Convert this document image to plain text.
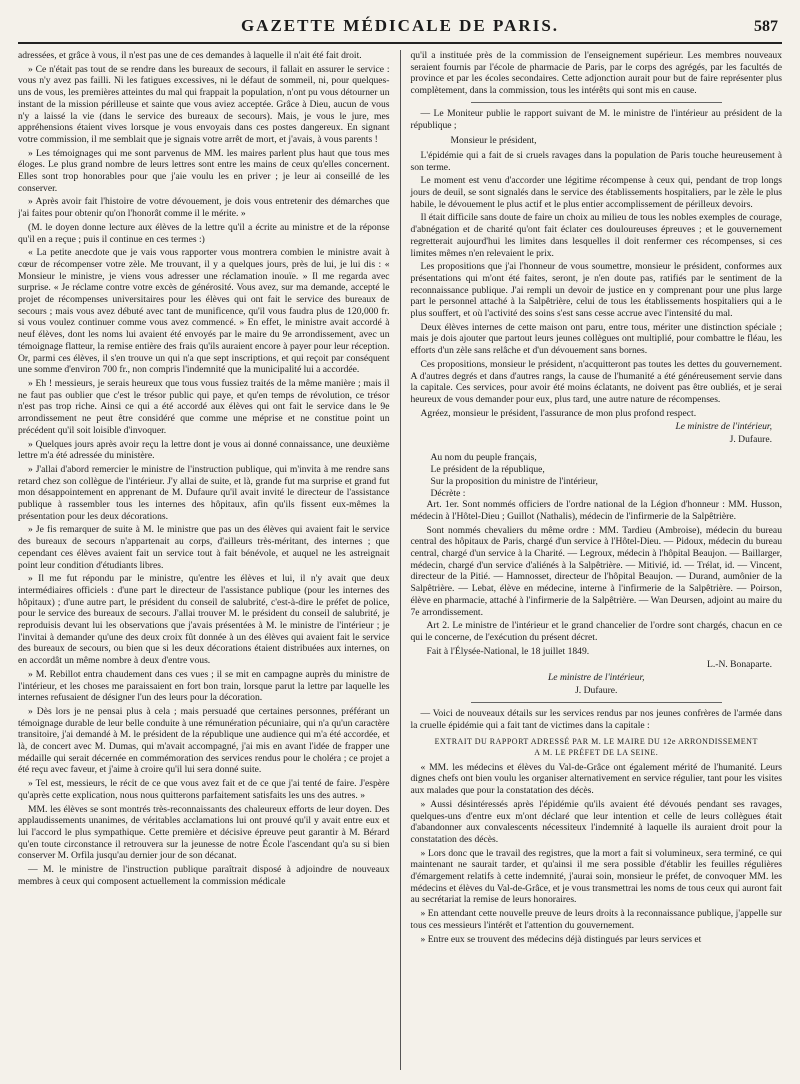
GAZETTE MÉDICALE DE PARIS.	587

adressées, et grâce à vous, il n'est pas une de ces demandes à laquelle il n'ait été fait droit.

» Ce n'était pas tout de se rendre dans les bureaux de secours, il fallait en assurer le service : vous n'y avez pas failli. Ni les fatigues excessives, ni le défaut de sommeil, ni, pour quelques-uns de vous, les premières atteintes du mal qui frappait la population, n'ont pu vous détourner un instant de la mission périlleuse et sainte que vous aviez acceptée. Grâce à Dieu, aucun de vous n'y a laissé la vie (dans le service des bureaux de secours). Mais, je vous le jure, mes appréhensions étaient vives lorsque je vous envoyais dans ces postes dangereux. En signant votre commission, il me semblait que je signais votre arrêt de mort, et j'avais, à vous parents !

» Les témoignages qui me sont parvenus de MM. les maires parlent plus haut que tous mes éloges. Le plus grand nombre de leurs lettres sont entre les mains de ceux qu'elles concernent. Elles sont trop honorables pour que j'aie voulu les en priver ; je leur ai conseillé de les conserver.

» Après avoir fait l'histoire de votre dévouement, je dois vous entretenir des démarches que j'ai faites pour obtenir qu'on l'honorât comme il le mérite. »

(M. le doyen donne lecture aux élèves de la lettre qu'il a écrite au ministre et de la réponse qu'il en a reçue ; puis il continue en ces termes :)

« La petite anecdote que je vais vous rapporter vous montrera combien le ministre avait à cœur de récompenser votre zèle. Me trouvant, il y a quelques jours, près de lui, je lui dis : « Monsieur le ministre, je viens vous adresser une réclamation inouïe. » Il me regarda avec surprise. « Je réclame contre votre excès de générosité. Vous avez, sur ma demande, accepté le projet de récompenses universitaires pour les élèves qui ont fait le service des bureaux de secours ; mais vous avez débuté avec tant de munificence, qu'il vous faudra plus de 120,000 fr. si vous voulez continuer comme vous avez commencé. » En effet, le ministre avait accordé à neuf élèves, dont les noms lui avaient été envoyés par le maire du 9e arrondissement, avec un témoignage flatteur, la remise entière des frais qu'ils auraient encore à payer pour leur réception. Or, parmi ces élèves, il s'en trouve un qui n'a que sept inscriptions, et qui reçoit par conséquent une somme d'environ 700 fr., non compris l'indemnité que la municipalité lui a accordée.

» Eh ! messieurs, je serais heureux que tous vous fussiez traités de la même manière ; mais il ne faut pas oublier que c'est le trésor public qui paye, et qu'en temps de révolution, ce trésor n'est pas trop riche. Ainsi ce qui a été accordé aux élèves qui ont fait le service dans le 9e arrondissement ne peut être considéré que comme une méprise et ne constitue point un précédent qu'il soit loisible d'invoquer.

» Quelques jours après avoir reçu la lettre dont je vous ai donné connaissance, une deuxième lettre m'a été adressée du ministère.

» J'allai d'abord remercier le ministre de l'instruction publique, qui m'invita à me rendre sans retard chez son collègue de l'intérieur. J'y allai de suite, et là, grande fut ma surprise et grand fut mon désappointement en apprenant de M. Dufaure qu'il avait invité le directeur de l'assistance publique à rassembler tous les internes des hôpitaux, afin qu'ils fissent eux-mêmes la présentation pour les deux décorations.

» Je fis remarquer de suite à M. le ministre que pas un des élèves qui avaient fait le service des bureaux de secours n'appartenait au corps, d'ailleurs très-méritant, des internes ; que cependant ces élèves avaient fait un service tout à fait bénévole, et auquel ne les astreignait point leur condition d'étudiants libres.

» Il me fut répondu par le ministre, qu'entre les élèves et lui, il n'y avait que deux intermédiaires officiels : d'une part le directeur de l'assistance publique (pour les internes des hôpitaux) ; d'une autre part, le président du conseil de salubrité, c'est-à-dire le préfet de police, pour le service des bureaux de secours. J'allai trouver M. le président du conseil de salubrité, je reproduisis devant lui les observations que j'avais présentées à M. le ministre de l'intérieur ; je l'invitai à demander qu'une des deux croix fût donnée à un des élèves qui avaient fait le service des bureaux de secours, ou bien que si les deux décorations étaient distribuées aux internes, on en accordât un même nombre à deux d'entre vous.

» M. Rebillot entra chaudement dans ces vues ; il se mit en campagne auprès du ministre de l'intérieur, et les choses me paraissaient en fort bon train, lorsque parut la lettre par laquelle les internes refusaient de désigner l'un des leurs pour la décoration.

» Dès lors je ne pensai plus à cela ; mais persuadé que certaines personnes, préférant un témoignage durable de leur belle conduite à une rémunération pécuniaire, qui n'a qu'un caractère transitoire, j'ai demandé à M. le président de la république une audience qui m'a été accordée, et là, de concert avec M. Dumas, qui m'avait accompagné, j'ai mis en avant l'idée de frapper une médaille qui serait décernée en commémoration des services rendus pour le choléra ; ce projet a été reçu avec faveur, et j'aime à croire qu'il lui sera donné suite.

» Tel est, messieurs, le récit de ce que vous avez fait et de ce que j'ai tenté de faire. J'espère qu'après cette explication, nous nous quitterons parfaitement satisfaits les uns des autres. »

MM. les élèves se sont montrés très-reconnaissants des chaleureux efforts de leur doyen. Des applaudissements unanimes, de véritables acclamations lui ont prouvé qu'il y avait entre eux et lui l'accord le plus sympathique. Cette première et décisive épreuve peut garantir à M. Bérard qu'en toute circonstance il retrouvera sur la jeunesse de notre École l'ascendant qu'a su si bien conserver M. Orfila jusqu'au dernier jour de son décanat.

— M. le ministre de l'instruction publique paraîtrait disposé à adjoindre de nouveaux membres à ceux qui composent actuellement la commission médicale

qu'il a instituée près de la commission de l'enseignement supérieur. Les membres nouveaux seraient fournis par l'école de pharmacie de Paris, par le corps des agrégés, par les facultés de province et par les écoles secondaires. Cette adjonction aurait pour but de faire représenter plus complètement, dans la commission, tous les intérêts qui sont mis en cause.

— Le Moniteur publie le rapport suivant de M. le ministre de l'intérieur au président de la république ;

Monsieur le président,

L'épidémie qui a fait de si cruels ravages dans la population de Paris touche heureusement à son terme.

Le moment est venu d'accorder une légitime récompense à ceux qui, pendant de trop longs jours de deuil, se sont signalés dans le service des établissements hospitaliers, par le zèle le plus habile, le dévouement le plus actif et le plus entier accomplissement de périlleux devoirs.

Il était difficile sans doute de faire un choix au milieu de tous les nobles exemples de courage, d'abnégation et de charité qu'ont fait éclater ces douloureuses épreuves ; et le gouvernement regretterait aujourd'hui les limites dans lesquelles il doit renfermer ces récompenses, si ces limites mêmes n'en relevaient le prix.

Les propositions que j'ai l'honneur de vous soumettre, monsieur le président, conformes aux présentations qui m'ont été faites, seront, je n'en doute pas, ratifiés par le sentiment de la reconnaissance publique. J'ai rempli un devoir de justice en y comprenant pour une plus large part le personnel attaché à la Salpêtrière, celui de tous les établissements hospitaliers qui a le plus souffert, et où l'activité des soins s'est sans cesse accrue avec l'intensité du mal.

Deux élèves internes de cette maison ont paru, entre tous, mériter une distinction spéciale ; mais je dois ajouter que partout leurs jeunes collègues ont multiplié, pour combattre le fléau, les efforts d'un zèle sans relâche et d'un dévouement sans bornes.

Ces propositions, monsieur le président, n'acquitteront pas toutes les dettes du gouvernement. A d'autres degrés et dans d'autres rangs, la cause de l'humanité a été généreusement servie dans la capitale. Ces services, pour avoir été moins éclatants, ne doivent pas être oubliés, et je serai heureux de vous demander pour eux, plus tard, une autre nature de récompenses.

Agréez, monsieur le président, l'assurance de mon plus profond respect.

Le ministre de l'intérieur,
J. Dufaure.

Au nom du peuple français,

Le président de la république,

Sur la proposition du ministre de l'intérieur,

Décrète :

Art. 1er. Sont nommés officiers de l'ordre national de la Légion d'honneur : MM. Husson, médecin à l'Hôtel-Dieu ; Guillot (Nathalis), médecin de l'infirmerie de la Salpêtrière.

Sont nommés chevaliers du même ordre : MM. Tardieu (Ambroise), médecin du bureau central des hôpitaux de Paris, chargé d'un service à l'Hôtel-Dieu. — Pidoux, médecin du bureau central, chargé d'un service à la Charité. — Legroux, médecin à l'hôpital Beaujon. — Baillarger, médecin, chargé d'un service d'aliénés à la Salpêtrière. — Mitivié, id. — Trélat, id. — Vincent, directeur de la Pitié. — Hamnosset, directeur de l'hôpital Beaujon. — Durand, aumônier de la Salpêtrière. — Lebat, élève en médecine, interne à l'infirmerie de la Salpêtrière. — Poirson, élève en pharmacie, attaché à l'infirmerie de la Salpêtrière. — Wan Deursen, adjoint au maire du 7e arrondissement.

Art 2. Le ministre de l'intérieur et le grand chancelier de l'ordre sont chargés, chacun en ce qui le concerne, de l'exécution du présent décret.

Fait à l'Élysée-National, le 18 juillet 1849.

L.-N. Bonaparte.
Le ministre de l'intérieur,
J. Dufaure.

— Voici de nouveaux détails sur les services rendus par nos jeunes confrères de l'armée dans la cruelle épidémie qui a fait tant de victimes dans la capitale :

EXTRAIT DU RAPPORT ADRESSÉ PAR M. LE MAIRE DU 12e ARRONDISSEMENT
A M. LE PRÉFET DE LA SEINE.

« MM. les médecins et élèves du Val-de-Grâce ont également mérité de l'humanité. Leurs dignes chefs ont bien voulu les organiser alternativement en service régulier, tant pour les visites aux malades que pour la constatation des décès.

» Aussi désintéressés après l'épidémie qu'ils avaient été dévoués pendant ses ravages, quelques-uns d'entre eux m'ont déclaré que leur intention et celle de leurs collègues était d'abandonner aux convalescents nécessiteux l'indemnité à laquelle ils auraient droit pour la constatation des décès.

» Lors donc que le travail des registres, que la mort a fait si volumineux, sera terminé, ce qui maintenant ne saurait tarder, et qu'ainsi il me sera possible d'établir les feuilles régulières d'émargement relatifs à cette indemnité, j'aurai soin, monsieur le préfet, de convoquer MM. les médecins et élèves du Val-de-Grâce, et je vous transmettrai les noms de tous ceux qui auront fait au secrétariat la remise de leurs honoraires.

» En attendant cette nouvelle preuve de leurs droits à la reconnaissance publique, j'appelle sur tous ces messieurs l'intérêt et l'attention du gouvernement.

» Entre eux se trouvent des médecins déjà distingués par leurs services et
